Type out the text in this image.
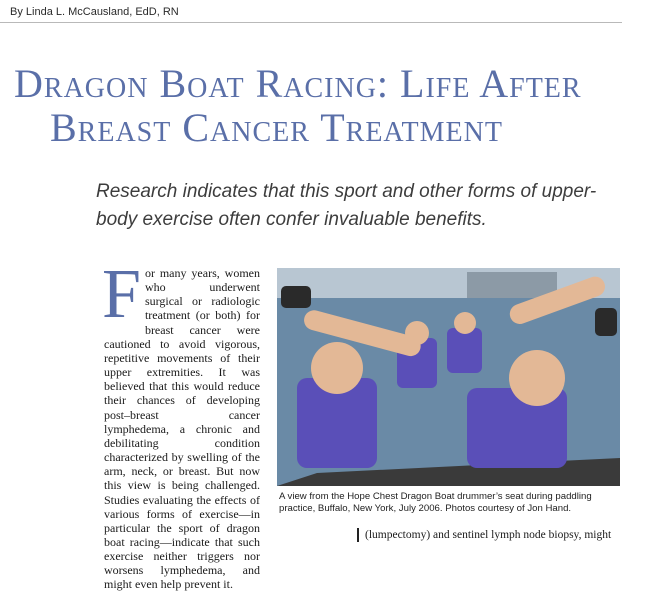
By Linda L. McCausland, EdD, RN
Dragon Boat Racing: Life After
Breast Cancer Treatment

Research indicates that this sport and other forms of upper-body exercise often confer invaluable benefits.

F or many years, women who underwent surgical or radiologic treatment (or both) for breast cancer were cautioned to avoid vigorous, repetitive movements of their upper extremities. It was believed that this would reduce their chances of developing post–breast cancer lymphedema, a chronic and debilitating condition characterized by swelling of the arm, neck, or breast. But now this view is being challenged. Studies evaluating the effects of various forms of exercise—in particular the sport of dragon boat racing—indicate that such exercise neither triggers nor worsens lymphedema, and might even help prevent it.
A view from the Hope Chest Dragon Boat drummer’s seat during paddling practice, Buffalo, New York, July 2006. Photos courtesy of Jon Hand.
(lumpectomy) and sentinel lymph node biopsy, might
